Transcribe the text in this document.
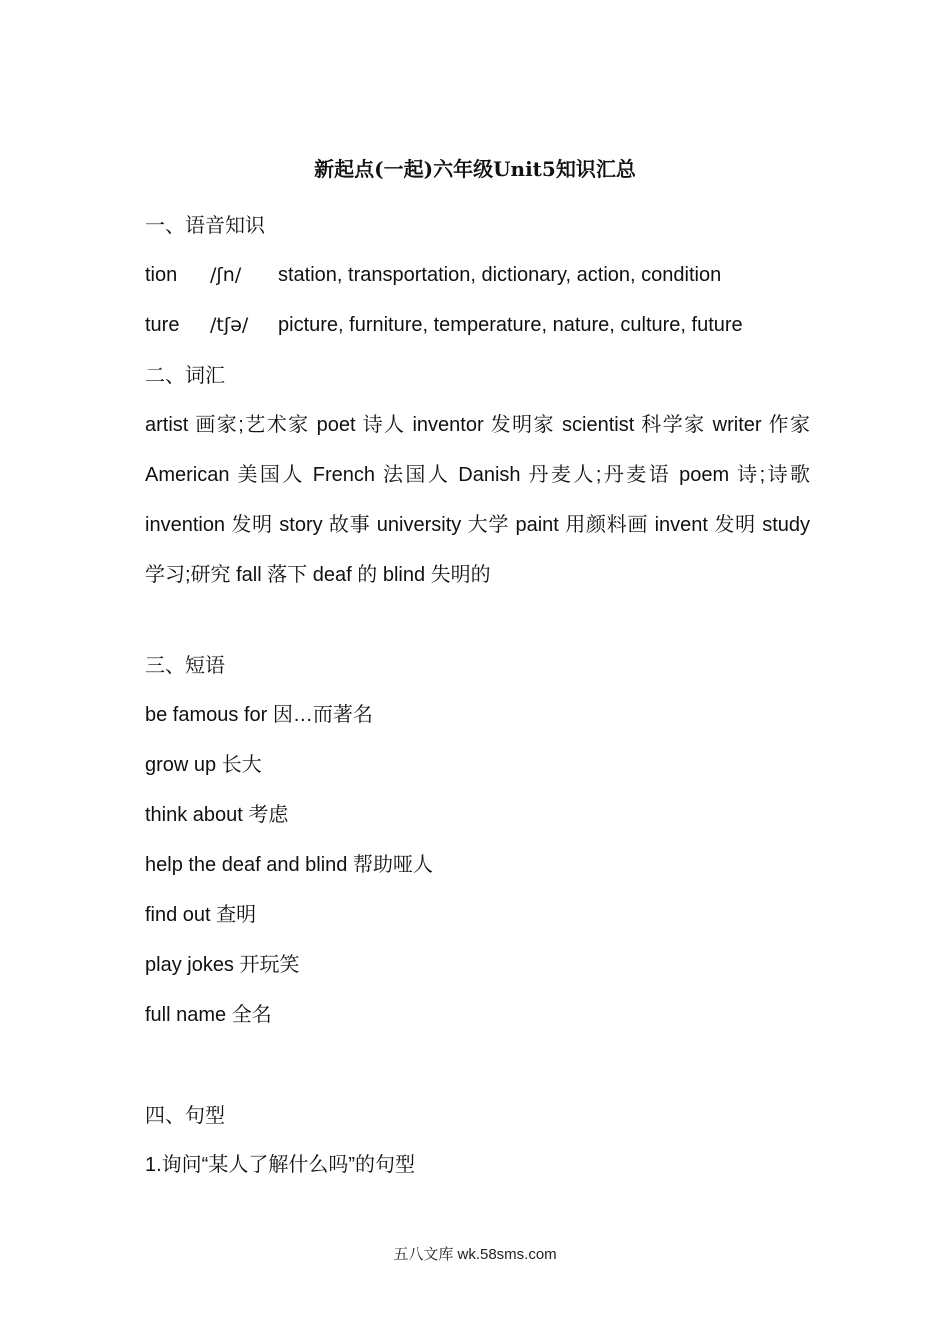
新起点(一起)六年级Unit5知识汇总
一、语音知识
tion	/ʃn/	station, transportation, dictionary, action, condition
ture	/tʃə/	picture, furniture, temperature, nature, culture, future
二、词汇

artist 画家;艺术家 poet 诗人 inventor 发明家 scientist 科学家 writer 作家 American 美国人 French 法国人 Danish 丹麦人;丹麦语 poem 诗;诗歌 invention 发明 story 故事 university 大学 paint 用颜料画 invent 发明 study 学习;研究 fall 落下 deaf 的 blind 失明的

三、短语
be famous for 因…而著名
grow up 长大
think about 考虑
help the deaf and blind 帮助哑人
find out 查明
play jokes 开玩笑
full name 全名
四、句型
1.询问“某人了解什么吗”的句型
五八文库 wk.58sms.com
